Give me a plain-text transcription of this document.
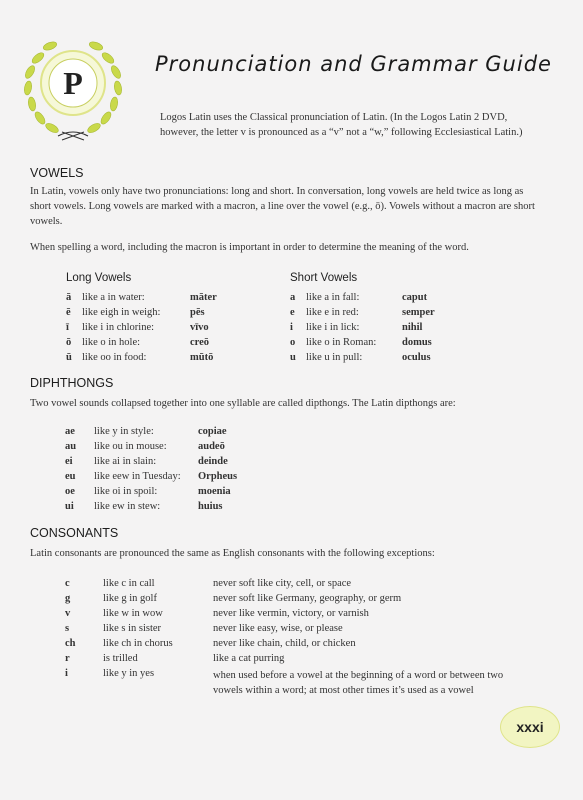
P
Pronunciation and Grammar Guide
Logos Latin uses the Classical pronunciation of Latin. (In the Logos Latin 2 DVD, however, the letter v is pronounced as a “v” not a “w,” following Ecclesiastical Latin.)
VOWELS
In Latin, vowels only have two pronunciations: long and short. In conversation, long vowels are held twice as long as short vowels. Long vowels are marked with a macron, a line over the vowel (e.g., ō). Vowels without a macron are short vowels.
When spelling a word, including the macron is important in order to determine the meaning of the word.
Long Vowels	Short Vowels
ā like a in water:	māter
ē like eigh in weigh:	pēs
ī like i in chlorine:	vīvo
ō like o in hole:	creō
ū like oo in food:	mūtō
a like a in fall:	caput
e like e in red:	semper
i like i in lick:	nihil
o like o in Roman: domus
u like u in pull:	oculus
DIPHTHONGS
Two vowel sounds collapsed together into one syllable are called dipthongs. The Latin dipthongs are:
ae like y in style:	copiae
au like ou in mouse:	audeō
ei like ai in slain:	deinde
eu like eew in Tuesday: Orpheus
oe like oi in spoil:	moenia
ui like ew in stew:	huius
CONSONANTS
Latin consonants are pronounced the same as English consonants with the following exceptions:
c	like c in call	never soft like city, cell, or space
g	like g in golf	never soft like Germany, geography, or germ
v	like w in wow	never like vermin, victory, or varnish
s	like s in sister	never like easy, wise, or please
ch	like ch in chorus	never like chain, child, or chicken
r	is trilled	like a cat purring
i	like y in yes	when used before a vowel at the beginning of a word or between two vowels within a word; at most other times it’s used as a vowel
xxxi
